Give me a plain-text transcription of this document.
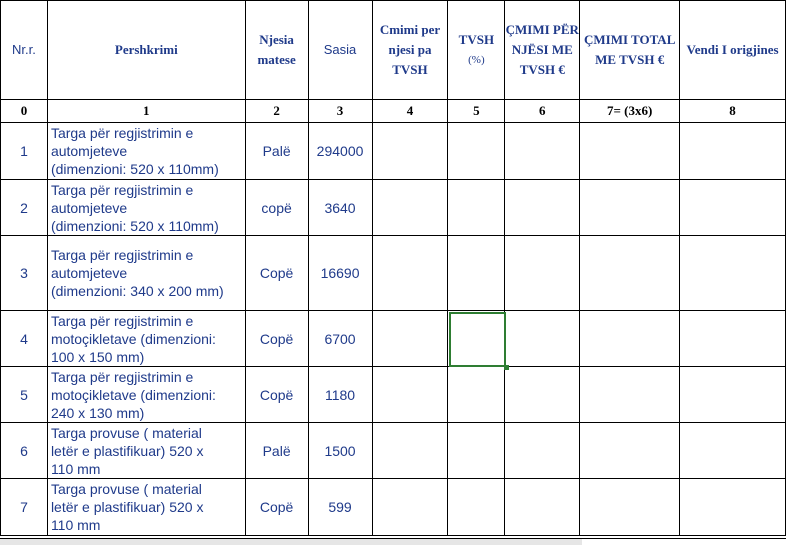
Nr.r.	Pershkrimi	Njesia matese	Sasia	Cmimi per njesi pa TVSH	TVSH
(%)	ÇMIMI PËR NJËSI ME TVSH €	ÇMIMI TOTAL ME TVSH €	Vendi I origjines
0	1	2	3	4	5	6	7= (3x6)	8
1	Targa për regjistrimin e
automjeteve
(dimenzioni: 520 x 110mm)	Palë	294000					
2	Targa për regjistrimin e
automjeteve
(dimenzioni: 520 x 110mm)	copë	3640					
3	Targa për regjistrimin e
automjeteve
(dimenzioni: 340 x 200 mm)	Copë	16690					
4	Targa për regjistrimin e
motoçikletave (dimenzioni:
100 x 150 mm)	Copë	6700					
5	Targa për regjistrimin e
motoçikletave (dimenzioni:
240 x 130 mm)	Copë	1180					
6	Targa provuse ( material
letër e plastifikuar) 520 x
110 mm	Palë	1500					
7	Targa provuse ( material
letër e plastifikuar) 520 x
110 mm	Copë	599					
